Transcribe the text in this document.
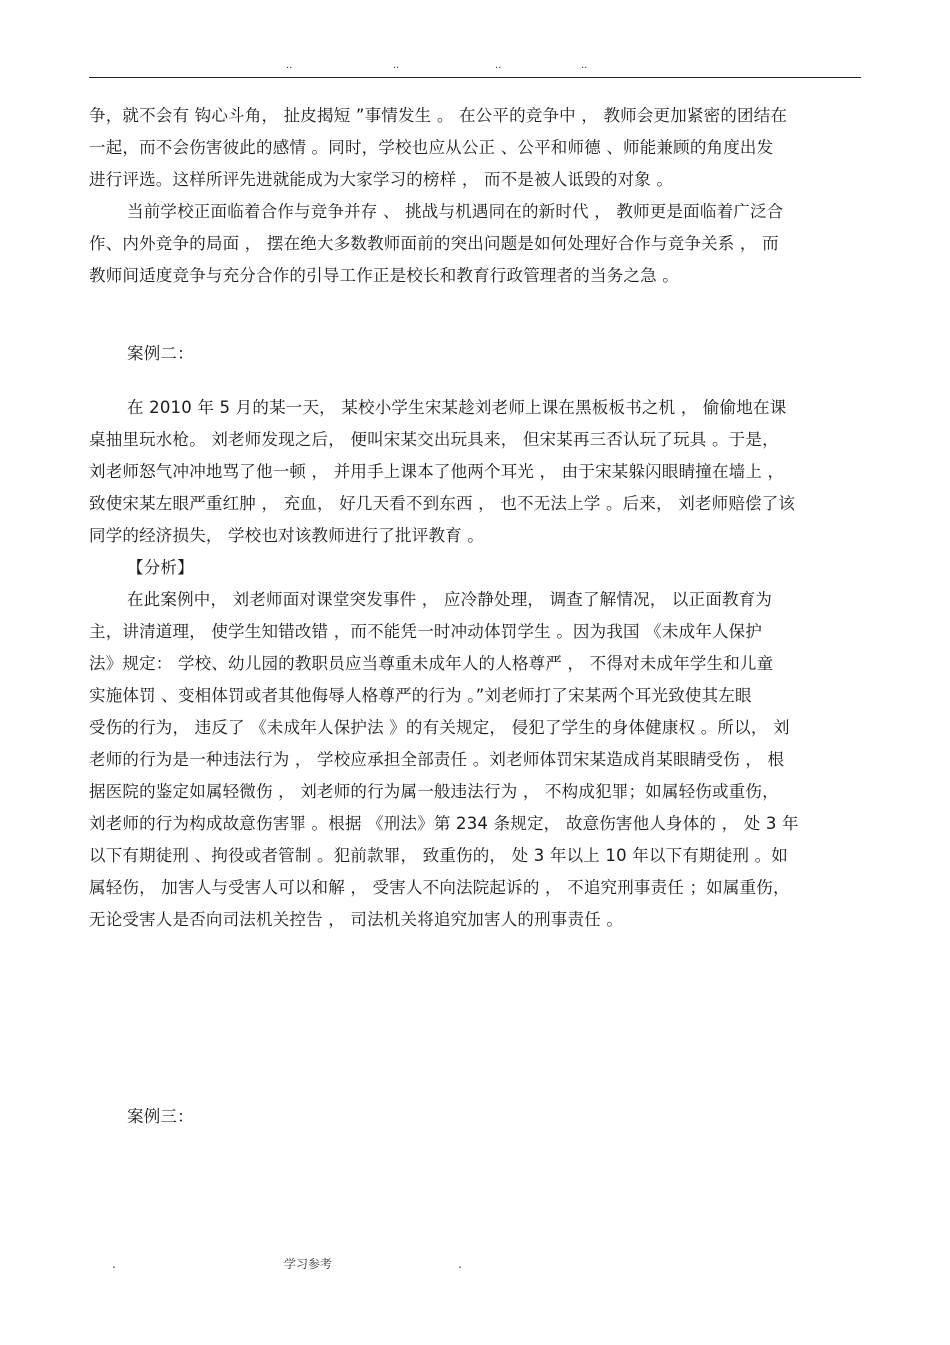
..	..	..	..
争，就不会有 钩心斗角， 扯皮揭短 ”事情发生 。 在公平的竞争中 ， 教师会更加紧密的团结在
一起，而不会伤害彼此的感情 。同时，学校也应从公正 、公平和师德 、师能兼顾的角度出发
进行评选。这样所评先进就能成为大家学习的榜样 ， 而不是被人诋毁的对象 。
当前学校正面临着合作与竞争并存 、 挑战与机遇同在的新时代 ， 教师更是面临着广泛合
作、内外竞争的局面 ， 摆在绝大多数教师面前的突出问题是如何处理好合作与竞争关系 ， 而
教师间适度竞争与充分合作的引导工作正是校长和教育行政管理者的当务之急 。
案例二：
在 2010 年 5 月的某一天， 某校小学生宋某趁刘老师上课在黑板板书之机 ， 偷偷地在课
桌抽里玩水枪。 刘老师发现之后， 便叫宋某交出玩具来， 但宋某再三否认玩了玩具 。于是，
刘老师怒气冲冲地骂了他一顿 ， 并用手上课本了他两个耳光 ， 由于宋某躲闪眼睛撞在墙上 ，
致使宋某左眼严重红肿 ， 充血， 好几天看不到东西 ， 也不无法上学 。后来， 刘老师赔偿了该
同学的经济损失， 学校也对该教师进行了批评教育 。
【分析】
在此案例中， 刘老师面对课堂突发事件 ， 应冷静处理， 调查了解情况， 以正面教育为
主，讲清道理， 使学生知错改错 ，而不能凭一时冲动体罚学生 。因为我国 《未成年人保护
法》规定： 学校、幼儿园的教职员应当尊重未成年人的人格尊严 ， 不得对未成年学生和儿童
实施体罚 、变相体罚或者其他侮辱人格尊严的行为 。”刘老师打了宋某两个耳光致使其左眼
受伤的行为， 违反了 《未成年人保护法 》的有关规定， 侵犯了学生的身体健康权 。所以， 刘
老师的行为是一种违法行为 ， 学校应承担全部责任 。刘老师体罚宋某造成肖某眼睛受伤 ， 根
据医院的鉴定如属轻微伤 ， 刘老师的行为属一般违法行为 ， 不构成犯罪；如属轻伤或重伤，
刘老师的行为构成故意伤害罪 。根据 《刑法》第 234 条规定， 故意伤害他人身体的 ， 处 3 年
以下有期徒刑 、拘役或者管制 。犯前款罪， 致重伤的， 处 3 年以上 10 年以下有期徒刑 。如
属轻伤， 加害人与受害人可以和解 ， 受害人不向法院起诉的 ， 不追究刑事责任 ；如属重伤，
无论受害人是否向司法机关控告 ， 司法机关将追究加害人的刑事责任 。
案例三：
.	学习参考	.
